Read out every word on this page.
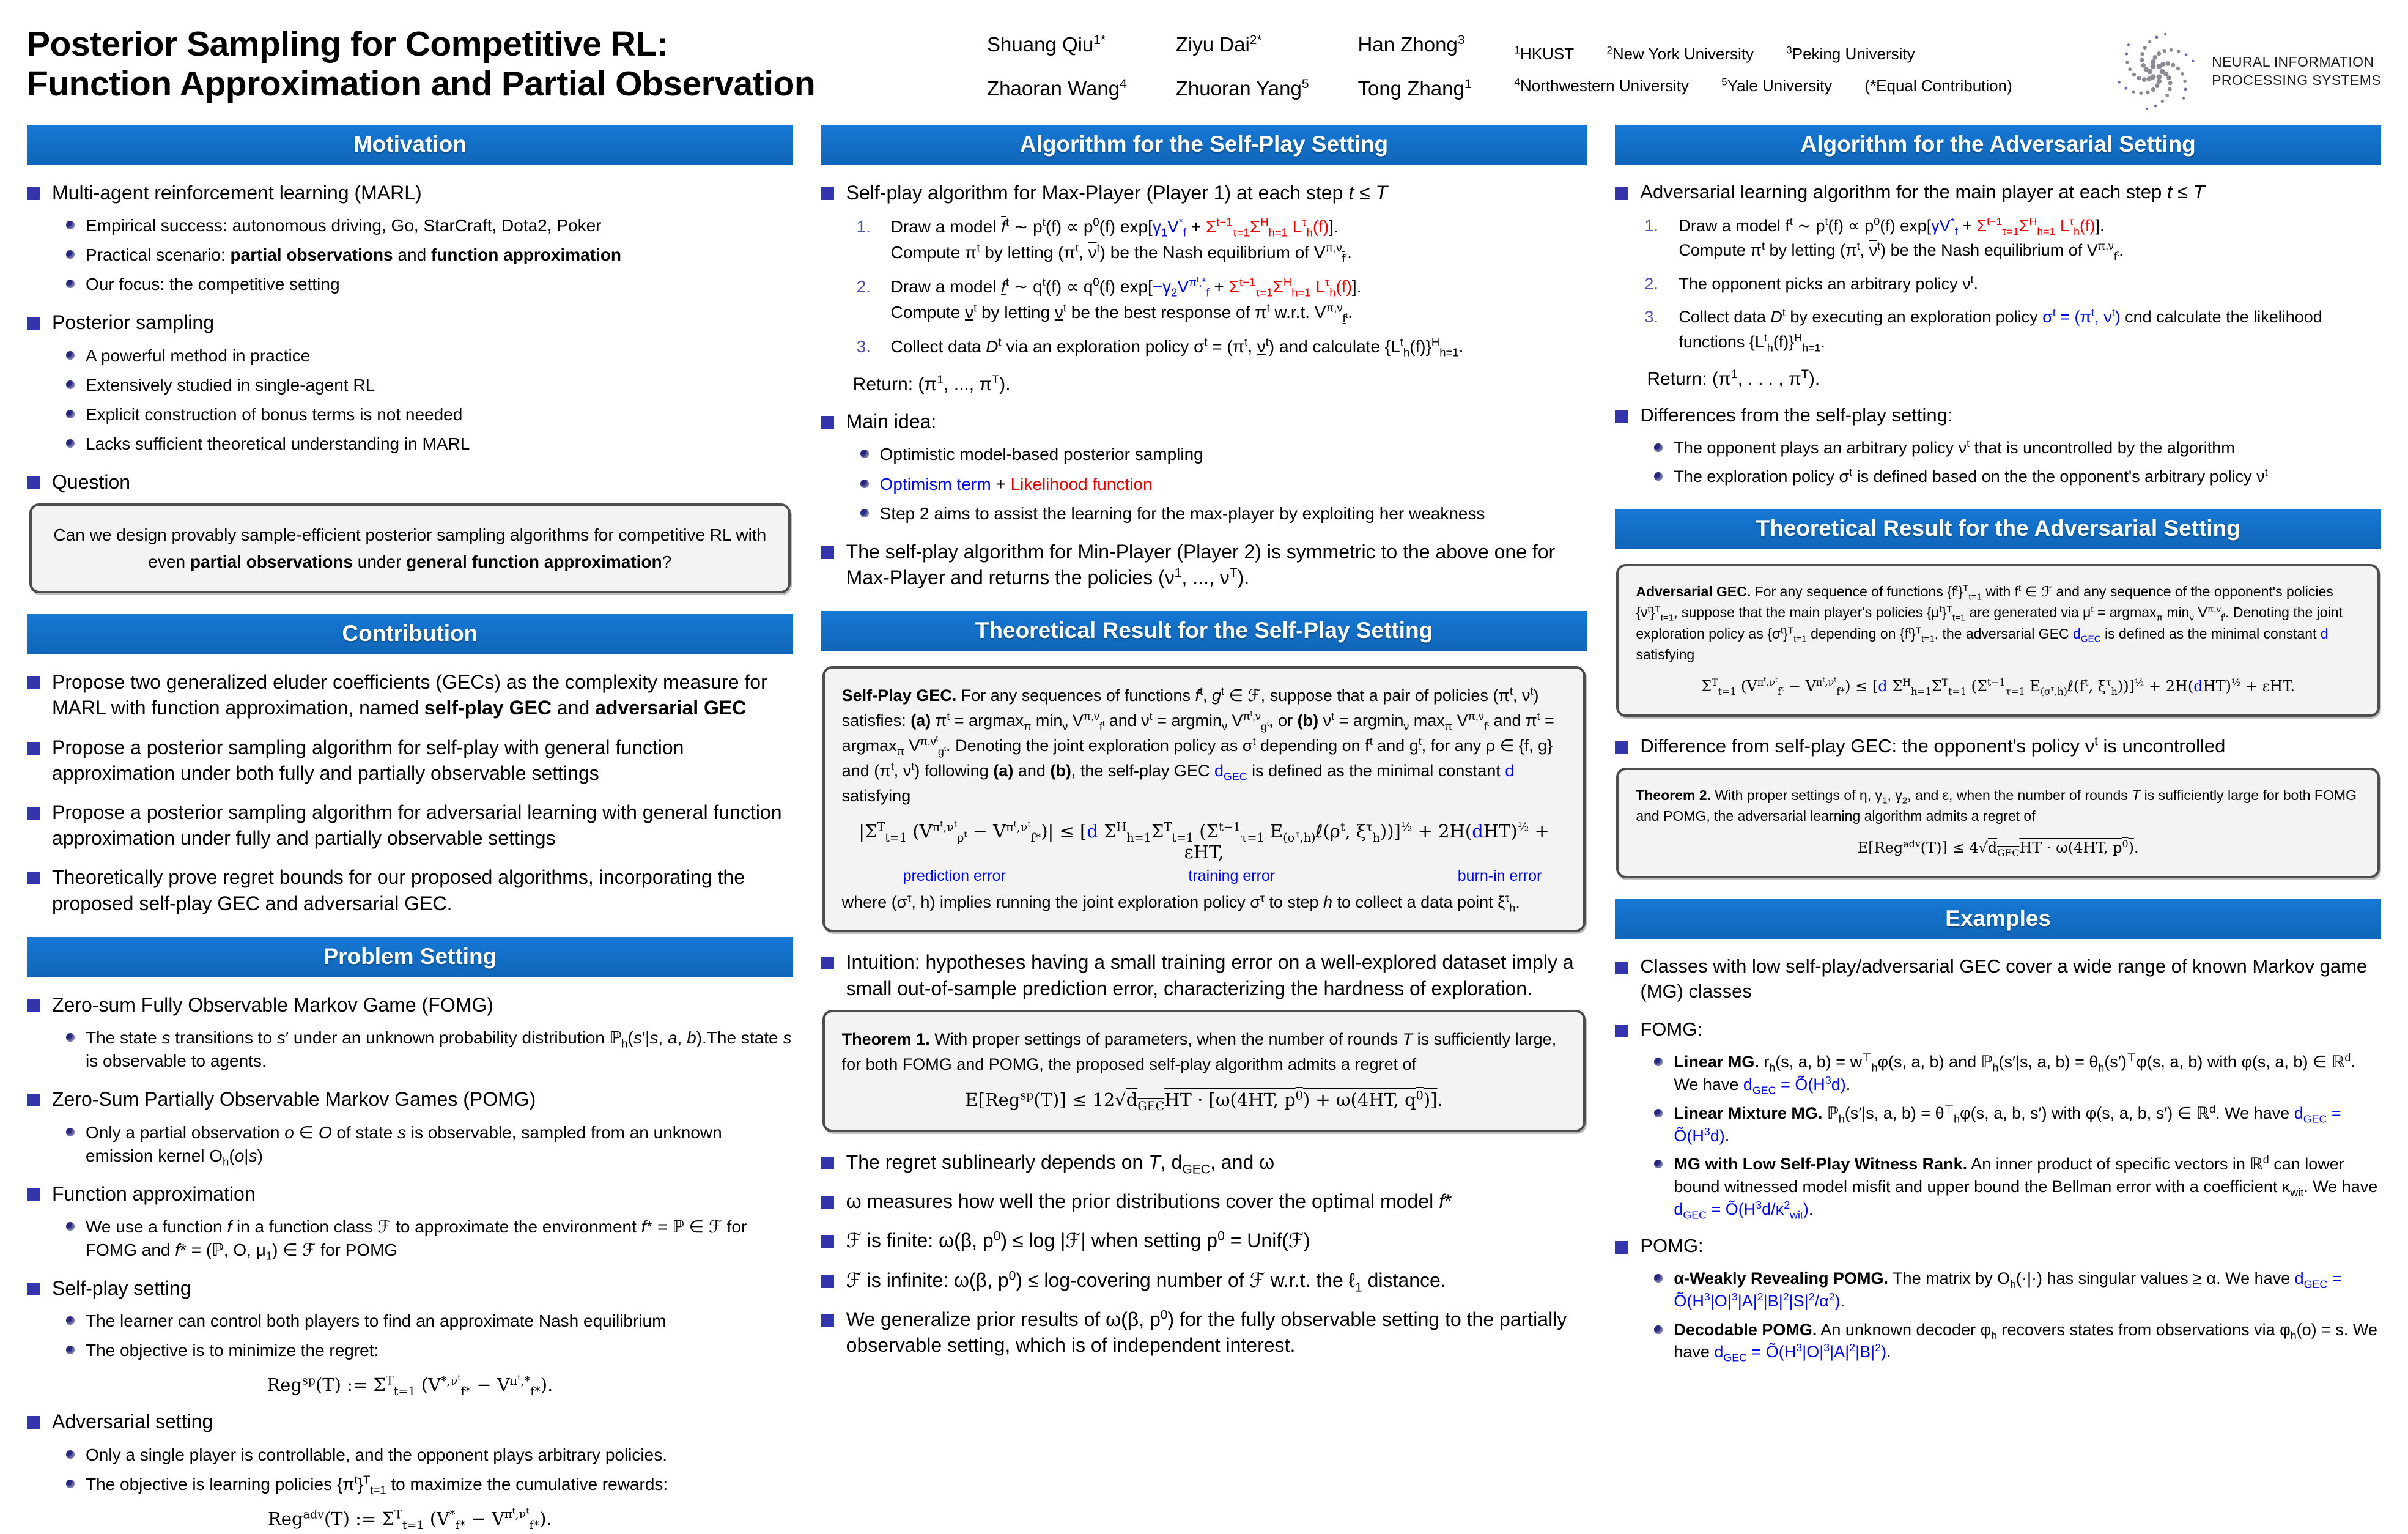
Posterior Sampling for Competitive RL:
Function Approximation and Partial Observation
Shuang Qiu$^{1*}$	Ziyu Dai$^{2*}$	Han Zhong$^3$
Zhaoran Wang$^4$ Zhuoran Yang$^5$ Tong Zhang$^1$
$^1$HKUST	$^2$New York University	$^3$Peking University
$^4$Northwestern University	$^5$Yale University (*Equal Contribution)
NEURAL INFORMATION
PROCESSING SYSTEMS
Motivation
Multi-agent reinforcement learning (MARL)
Empirical success: autonomous driving, Go, StarCraft, Dota2, Poker
Practical scenario: partial observations and function approximation
Our focus: the competitive setting
Posterior sampling
A powerful method in practice
Extensively studied in single-agent RL
Explicit construction of bonus terms is not needed
Lacks sufficient theoretical understanding in MARL
Question
Can we design provably sample-efficient posterior sampling algorithms for competitive RL with even partial observations under general function approximation?
Contribution
Propose two generalized eluder coefficients (GECs) as the complexity measure for MARL with function approximation, named self-play GEC and adversarial GEC
Propose a posterior sampling algorithm for self-play with general function approximation under both fully and partially observable settings
Propose a posterior sampling algorithm for adversarial learning with general function approximation under fully and partially observable settings
Theoretically prove regret bounds for our proposed algorithms, incorporating the proposed self-play GEC and adversarial GEC.
Problem Setting
Zero-sum Fully Observable Markov Game (FOMG)
The state s transitions to s′ under an unknown probability distribution ℙ$_h$(s′|s, a, b).The state s is observable to agents.
Zero-Sum Partially Observable Markov Games (POMG)
Only a partial observation o ∈ O of state s is observable, sampled from an unknown emission kernel $O_h(o|s)$
Function approximation
We use a function f in a function class ℱ to approximate the environment f* = ℙ ∈ ℱ for FOMG and f* = (ℙ, O, $\mu_1$) ∈ ℱ for POMG
Self-play setting
The learner can control both players to find an approximate Nash equilibrium
The objective is to minimize the regret:
Reg$^{sp}$(T) := $\Sigma^T_{t=1}$ $(V^{*,\nu^t}_{f*} - V^{\pi^t,*}_{f*})$.
Adversarial setting
Only a single player is controllable, and the opponent plays arbitrary policies.
The objective is learning policies $\{\pi^t\}^T_{t=1}$ to maximize the cumulative rewards:
Reg$^{adv}$(T) := $\Sigma^T_{t=1}$ $(V^*_{f*} - V^{\pi^t,\nu^t}_{f*})$.
Algorithm for the Self-Play Setting
Self-play algorithm for Max-Player (Player 1) at each step t ≤ T
1.	Draw a model $\overline{f}^t$ ∼ $p^t(f) \propto p^0(f) \exp[\gamma_1V^*_f + \Sigma^{t-1}_{\tau=1}\Sigma^H_{h=1}$ $L^\tau_h(f)$].
Compute $\pi^t$ by letting ($\pi^t$, $\overline{\nu}^t$) be the Nash equilibrium of $V^{\pi,\nu}_{\overline{f}^t}$.
2.	Draw a model $f^t$ ∼ $q^t(f) \propto q^0(f) \exp[-\gamma_2V^{\pi^t,*}_f + \Sigma^{t-1}_{\tau=1}\Sigma^H_{h=1}$ $L^\tau_h(f)$].
Compute $\nu^t$ by letting $\nu^t$ be the best response of $\pi^t$ w.r.t. $V^{\pi,\nu}_{f^t}$.
3.	Collect data $D^t$ via an exploration policy $\sigma^t = (\pi^t$, $\nu^t$) and calculate $\{L^t_h(f)\}^H_{h=1}$.
Return: ($\pi^1$, ..., $\pi^T$).
Main idea:
Optimistic model-based posterior sampling
Optimism term + Likelihood function
Step 2 aims to assist the learning for the max-player by exploiting her weakness
The self-play algorithm for Min-Player (Player 2) is symmetric to the above one for Max-Player and returns the policies ($\nu^1$, ..., $\nu^T$).
Theoretical Result for the Self-Play Setting
Self-Play GEC. For any sequences of functions $f^t$, $g^t$ ∈ ℱ, suppose that a pair of policies ($\pi^t$, $\nu^t$) satisfies: (a) $\pi^t = argmax_\pi$ $\min_\nu V^{\pi,\nu}_{f^t}$ and $\nu^t = argmin_\nu$ $V^{\pi^t,\nu}_{g^t}$, or (b) $\nu^t = argmin_\nu$ $\max_\pi V^{\pi,\nu}_{f^t}$ and $\pi^t = argmax_\pi$ $V^{\pi,\nu^t}_{g^t}$. Denoting the joint exploration policy as $\sigma^t$ depending on $f^t$ and $g^t$, for any ρ ∈ {f, g} and ($\pi^t$, $\nu^t$) following (a) and (b), the self-play GEC $d_{GEC}$ is defined as the minimal constant d satisfying
$|\Sigma^T_{t=1}$ $(V^{\pi^t,\nu^t}_{\rho^t} - V^{\pi^t,\nu^t}_{f*})| \le [d$ $\Sigma^H_{h=1}\Sigma^T_{t=1}$ ($\Sigma^{t-1}_{\tau=1}$ $E_{(\sigma^\tau,h)}\ell(\rho^t$, $\xi^\tau_h))]^{\frac{1}{2}} + 2H(dHT)^{\frac{1}{2}} + \varepsilon HT$,
prediction error	training error	burn-in error
where ($\sigma^\tau$, h) implies running the joint exploration policy $\sigma^\tau$ to step h to collect a data point $\xi^\tau_h$.
Intuition: hypotheses having a small training error on a well-explored dataset imply a small out-of-sample prediction error, characterizing the hardness of exploration.
Theorem 1. With proper settings of parameters, when the number of rounds T is sufficiently large, for both FOMG and POMG, the proposed self-play algorithm admits a regret of
$E[Reg^{sp}(T)] \le 12√d_{GEC}HT \cdot [\omega(4HT$, $p^0) + \omega(4HT$, $q^0$)].
The regret sublinearly depends on T, $d_{GEC}$, and ω
ω measures how well the prior distributions cover the optimal model f*
ℱ is finite: ω(β, $p^0) \le \log$ |ℱ| when setting $p^0$ = Unif(ℱ)
ℱ is infinite: ω(β, $p^0$) ≤ log-covering number of ℱ w.r.t. the ℓ$_1$ distance.
We generalize prior results of ω(β, $p^0$) for the fully observable setting to the partially observable setting, which is of independent interest.
Algorithm for the Adversarial Setting
Adversarial learning algorithm for the main player at each step t ≤ T
1.	Draw a model $f^t$ ∼ $p^t(f) \propto p^0(f) \exp[\gamma V^*_f + \Sigma^{t-1}_{\tau=1}\Sigma^H_{h=1}$ $L^\tau_h(f)$].
Compute $\pi^t$ by letting ($\pi^t$, $\overline{\nu}^t$) be the Nash equilibrium of $V^{\pi,\nu}_{f^t}$.
2.	The opponent picks an arbitrary policy $\nu^t$.
3.	Collect data $D^t$ by executing an exploration policy $\sigma^t = (\pi^t$, $\nu^t$) cnd calculate the likelihood functions $\{L^t_h(f)\}^H_{h=1}$.
Return: ($\pi^1$, . . . , $\pi^T$).
Differences from the self-play setting:
The opponent plays an arbitrary policy $\nu^t$ that is uncontrolled by the algorithm
The exploration policy $\sigma^t$ is defined based on the the opponent's arbitrary policy $\nu^t$
Theoretical Result for the Adversarial Setting
Adversarial GEC. For any sequence of functions $\{f^t\}^T_{t=1}$ with $f^t$ ∈ ℱ and any sequence of the opponent's policies $\{\nu^t\}^T_{t=1}$, suppose that the main player's policies $\{\mu^t\}^T_{t=1}$ are generated via $\mu^t = argmax_\pi$ $\min_\nu V^{\pi,\nu}_{f^t}$. Denoting the joint exploration policy as $\{\sigma^t\}^T_{t=1}$ depending on $\{f^t\}^T_{t=1}$, the adversarial GEC $d_{GEC}$ is defined as the minimal constant d satisfying
$\Sigma^T_{t=1}$ $(V^{\pi^t,\nu^t}_{f^t} - V^{\pi^t,\nu^t}_{f*}) \le [d$ $\Sigma^H_{h=1}\Sigma^T_{t=1}$ ($\Sigma^{t-1}_{\tau=1}$ $E_{(\sigma^\tau,h)}\ell(f^t$, $\xi^\tau_h))]^{\frac{1}{2}} + 2H(dHT)^{\frac{1}{2}} + \varepsilon HT$.
Difference from self-play GEC: the opponent's policy $\nu^t$ is uncontrolled
Theorem 2. With proper settings of η, $\gamma_1$, $\gamma_2$, and ε, when the number of rounds T is sufficiently large for both FOMG and POMG, the adversarial learning algorithm admits a regret of
$E[Reg^{adv}(T)] \le 4√d_{GEC}HT \cdot \omega(4HT$, $p^0$).
Examples
Classes with low self-play/adversarial GEC cover a wide range of known Markov game (MG) classes
FOMG:
Linear MG. $r_h(s$, a, $b) = w^⊤_h\varphi(s$, a, b) and ℙ$_h$(s′|s, a, $b) = \theta_h(s')^⊤\varphi(s$, a, b) with φ(s, a, b) ∈ ℝ$^d$. We have $d_{GEC}$ = $Õ(H^3d)$.
Linear Mixture MG. ℙ$_h$(s′|s, a, $b) = \theta^⊤_h\varphi(s$, a, b, s′) with φ(s, a, b, s′) ∈ ℝ$^d$. We have $d_{GEC}$ = $Õ(H^3d)$.
MG with Low Self-Play Witness Rank. An inner product of specific vectors in ℝ$^d$ can lower bound witnessed model misfit and upper bound the Bellman error with a coefficient $\kappa_{wit}$. We have $d_{GEC}$ = $Õ(H^3d/\kappa^2_{wit})$.
POMG:
α-Weakly Revealing POMG. The matrix by $O_h(\cdot|\cdot)$ has singular values ≥ α. We have $d_{GEC}$ = $Õ(H^3|O|^3|A|^2|B|^2|S|^2/\alpha^2)$.
Decodable POMG. An unknown decoder $\varphi_h$ recovers states from observations via $\varphi_h(o) = s$. We have $d_{GEC}$ = $Õ(H^3|O|^3|A|^2|B|^2)$.
